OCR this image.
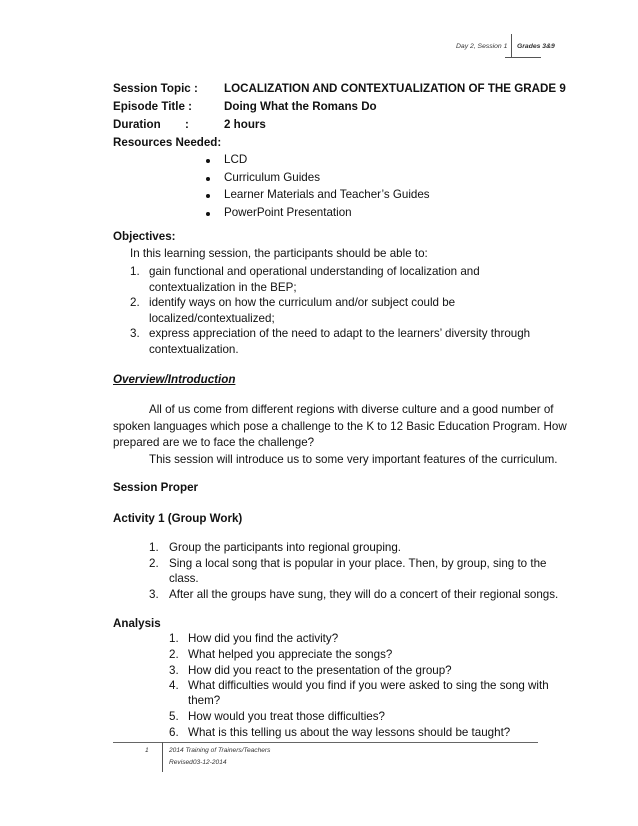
Day 2, Session 1 Grades 3&9
Session Topic : LOCALIZATION AND CONTEXTUALIZATION OF THE GRADE 9
Episode Title :	Doing What the Romans Do
Duration :	2 hours
Resources Needed:
LCD
Curriculum Guides
Learner Materials and Teacher’s Guides
PowerPoint Presentation
Objectives:
In this learning session, the participants should be able to:
1. gain functional and operational understanding of localization and
contextualization in the BEP;
2. identify ways on how the curriculum and/or subject could be
localized/contextualized;
3. express appreciation of the need to adapt to the learners’ diversity through
contextualization.
Overview/Introduction
All of us come from different regions with diverse culture and a good number of
spoken languages which pose a challenge to the K to 12 Basic Education Program. How
prepared are we to face the challenge?
This session will introduce us to some very important features of the curriculum.
Session Proper
Activity 1 (Group Work)
1. Group the participants into regional grouping.
2. Sing a local song that is popular in your place. Then, by group, sing to the
class.
3. After all the groups have sung, they will do a concert of their regional songs.
Analysis
1. How did you find the activity?
2. What helped you appreciate the songs?
3. How did you react to the presentation of the group?
4. What difficulties would you find if you were asked to sing the song with
them?
5. How would you treat those difficulties?
6. What is this telling us about the way lessons should be taught?
1	2014 Training of Trainers/Teachers
Revised03-12-2014
